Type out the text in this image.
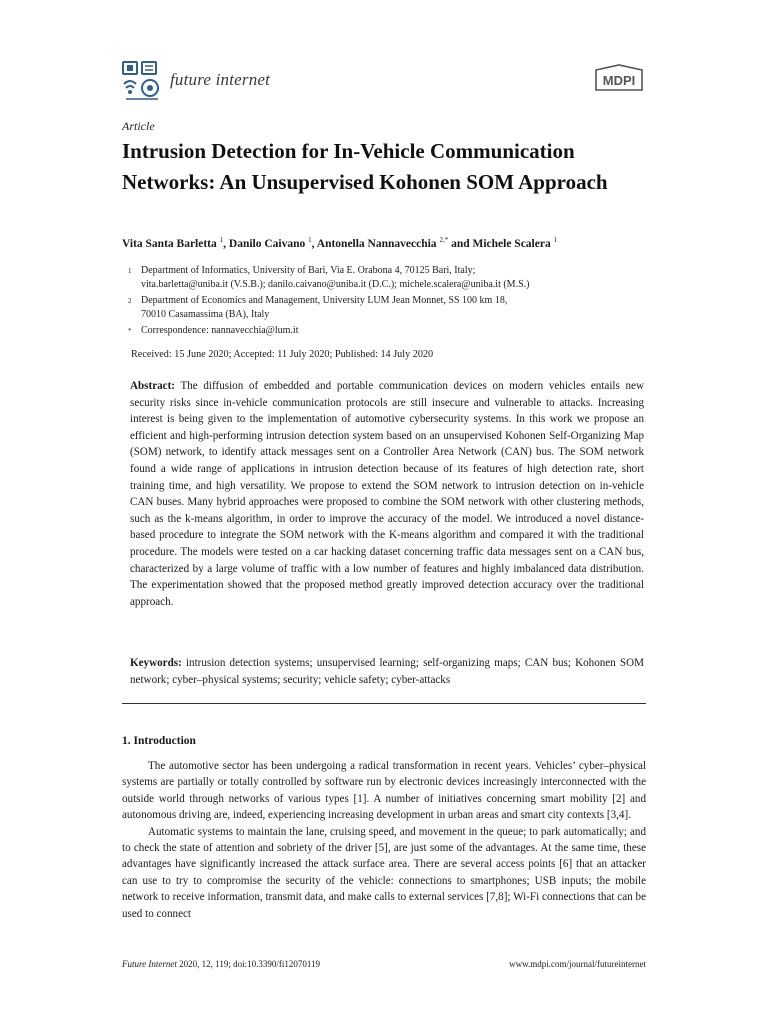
future internet	MDPI
Article
Intrusion Detection for In-Vehicle Communication Networks: An Unsupervised Kohonen SOM Approach
Vita Santa Barletta $^1$, Danilo Caivano $^1$, Antonella Nannavecchia $^{2,*}$ and Michele Scalera $^1$
1 Department of Informatics, University of Bari, Via E. Orabona 4, 70125 Bari, Italy;
vita.barletta@uniba.it (V.S.B.); danilo.caivano@uniba.it (D.C.); michele.scalera@uniba.it (M.S.)
2 Department of Economics and Management, University LUM Jean Monnet, SS 100 km 18,
70010 Casamassima (BA), Italy
* Correspondence: nannavecchia@lum.it
Received: 15 June 2020; Accepted: 11 July 2020; Published: 14 July 2020
Abstract: The diffusion of embedded and portable communication devices on modern vehicles entails new security risks since in-vehicle communication protocols are still insecure and vulnerable to attacks. Increasing interest is being given to the implementation of automotive cybersecurity systems. In this work we propose an efficient and high-performing intrusion detection system based on an unsupervised Kohonen Self-Organizing Map (SOM) network, to identify attack messages sent on a Controller Area Network (CAN) bus. The SOM network found a wide range of applications in intrusion detection because of its features of high detection rate, short training time, and high versatility. We propose to extend the SOM network to intrusion detection on in-vehicle CAN buses. Many hybrid approaches were proposed to combine the SOM network with other clustering methods, such as the k-means algorithm, in order to improve the accuracy of the model. We introduced a novel distance-based procedure to integrate the SOM network with the K-means algorithm and compared it with the traditional procedure. The models were tested on a car hacking dataset concerning traffic data messages sent on a CAN bus, characterized by a large volume of traffic with a low number of features and highly imbalanced data distribution. The experimentation showed that the proposed method greatly improved detection accuracy over the traditional approach.
Keywords: intrusion detection systems; unsupervised learning; self-organizing maps; CAN bus; Kohonen SOM network; cyber–physical systems; security; vehicle safety; cyber-attacks
1. Introduction

The automotive sector has been undergoing a radical transformation in recent years. Vehicles’ cyber–physical systems are partially or totally controlled by software run by electronic devices increasingly interconnected with the outside world through networks of various types [1]. A number of initiatives concerning smart mobility [2] and autonomous driving are, indeed, experiencing increasing development in urban areas and smart city contexts [3,4].

Automatic systems to maintain the lane, cruising speed, and movement in the queue; to park automatically; and to check the state of attention and sobriety of the driver [5], are just some of the advantages. At the same time, these advantages have significantly increased the attack surface area. There are several access points [6] that an attacker can use to try to compromise the security of the vehicle: connections to smartphones; USB inputs; the mobile network to receive information, transmit data, and make calls to external services [7,8]; Wi-Fi connections that can be used to connect

Future Internet 2020, 12, 119; doi:10.3390/fi12070119	www.mdpi.com/journal/futureinternet
